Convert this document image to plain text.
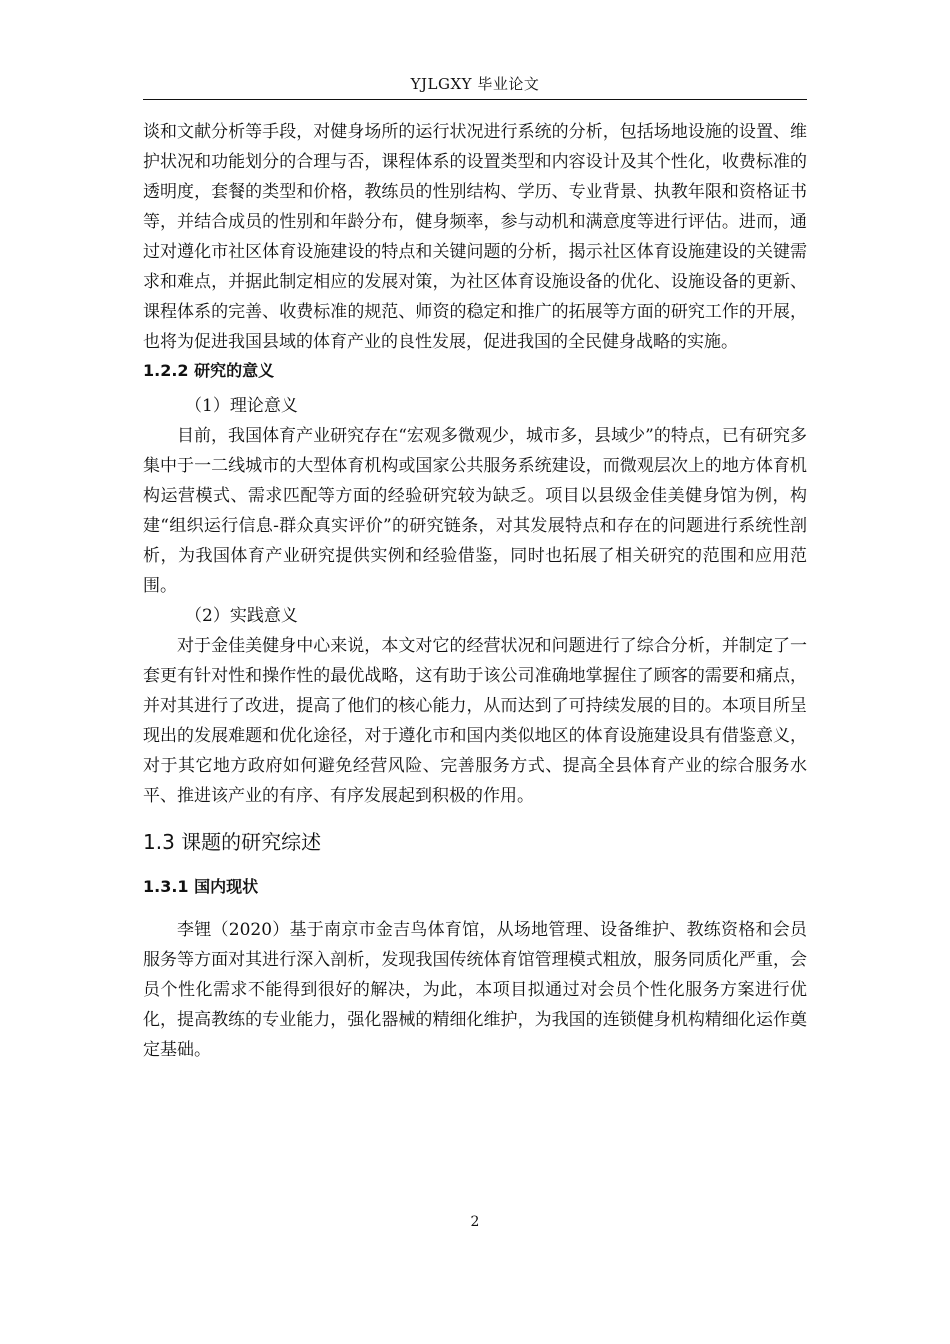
YJLGXY 毕业论文

谈和文献分析等手段，对健身场所的运行状况进行系统的分析，包括场地设施的设置、维护状况和功能划分的合理与否，课程体系的设置类型和内容设计及其个性化，收费标准的透明度，套餐的类型和价格，教练员的性别结构、学历、专业背景、执教年限和资格证书等，并结合成员的性别和年龄分布，健身频率，参与动机和满意度等进行评估。进而，通过对遵化市社区体育设施建设的特点和关键问题的分析，揭示社区体育设施建设的关键需求和难点，并据此制定相应的发展对策，为社区体育设施设备的优化、设施设备的更新、课程体系的完善、收费标准的规范、师资的稳定和推广的拓展等方面的研究工作的开展，也将为促进我国县域的体育产业的良性发展，促进我国的全民健身战略的实施。

1.2.2 研究的意义

（1）理论意义

目前，我国体育产业研究存在“宏观多微观少，城市多，县域少”的特点，已有研究多集中于一二线城市的大型体育机构或国家公共服务系统建设，而微观层次上的地方体育机构运营模式、需求匹配等方面的经验研究较为缺乏。项目以县级金佳美健身馆为例，构建“组织运行信息-群众真实评价”的研究链条，对其发展特点和存在的问题进行系统性剖析，为我国体育产业研究提供实例和经验借鉴，同时也拓展了相关研究的范围和应用范围。

（2）实践意义

对于金佳美健身中心来说，本文对它的经营状况和问题进行了综合分析，并制定了一套更有针对性和操作性的最优战略，这有助于该公司准确地掌握住了顾客的需要和痛点，并对其进行了改进，提高了他们的核心能力，从而达到了可持续发展的目的。本项目所呈现出的发展难题和优化途径，对于遵化市和国内类似地区的体育设施建设具有借鉴意义，对于其它地方政府如何避免经营风险、完善服务方式、提高全县体育产业的综合服务水平、推进该产业的有序、有序发展起到积极的作用。

1.3 课题的研究综述
1.3.1 国内现状

李锂（2020）基于南京市金吉鸟体育馆，从场地管理、设备维护、教练资格和会员服务等方面对其进行深入剖析，发现我国传统体育馆管理模式粗放，服务同质化严重，会员个性化需求不能得到很好的解决，为此，本项目拟通过对会员个性化服务方案进行优化，提高教练的专业能力，强化器械的精细化维护，为我国的连锁健身机构精细化运作奠定基础。

2
